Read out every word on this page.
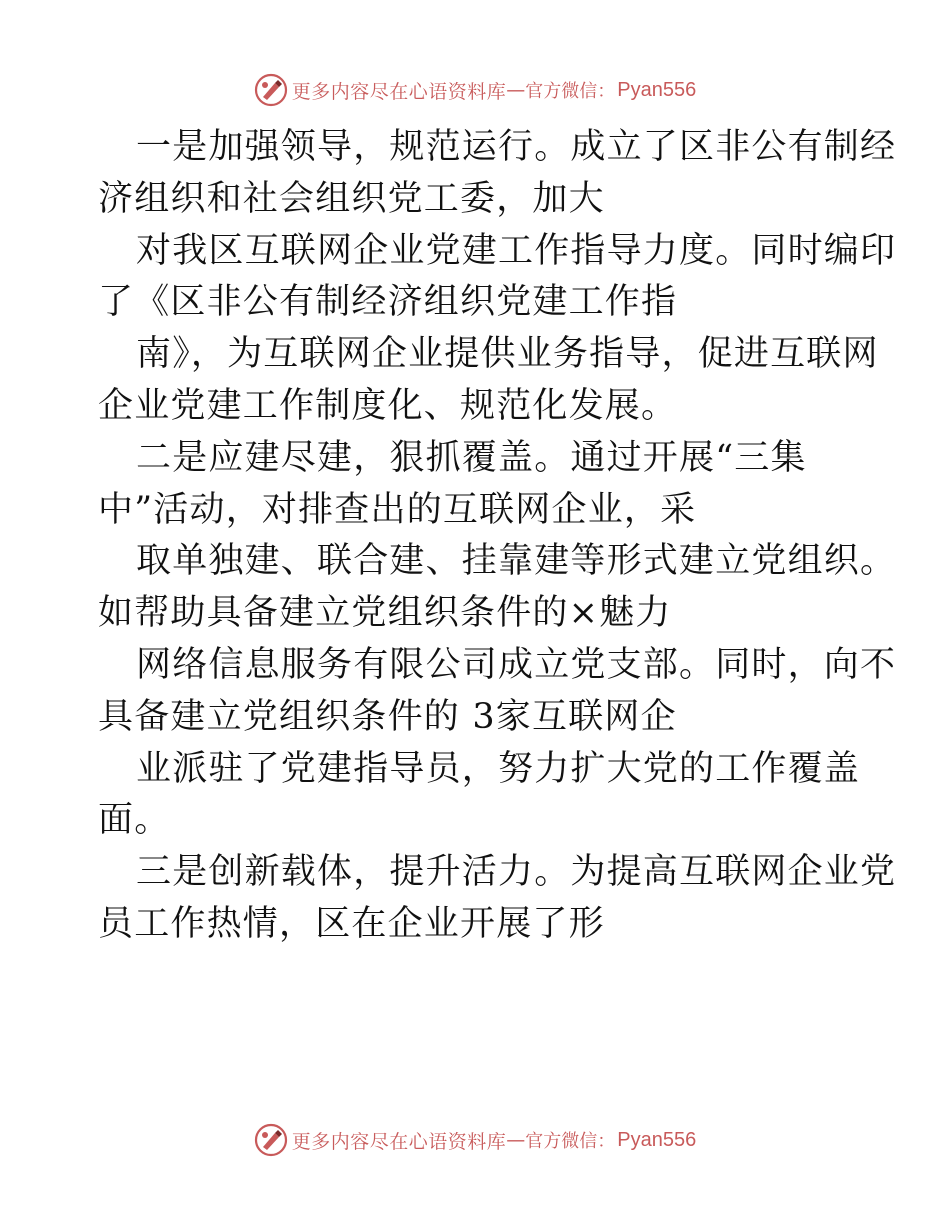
更多内容尽在心语资料库 — 官方微信： Pyan556
一是加强领导，规范运行。成立了区非公有制经
济组织和社会组织党工委，加大
对我区互联网企业党建工作指导力度。同时编印
了《区非公有制经济组织党建工作指
南》，为互联网企业提供业务指导，促进互联网
企业党建工作制度化、规范化发展。
二是应建尽建，狠抓覆盖。通过开展“三集
中”活动，对排查出的互联网企业，采
取单独建、联合建、挂靠建等形式建立党组织。
如帮助具备建立党组织条件的×魅力
网络信息服务有限公司成立党支部。同时，向不
具备建立党组织条件的 3家互联网企
业派驻了党建指导员，努力扩大党的工作覆盖
面。
三是创新载体，提升活力。为提高互联网企业党
员工作热情，区在企业开展了形
更多内容尽在心语资料库 — 官方微信： Pyan556
